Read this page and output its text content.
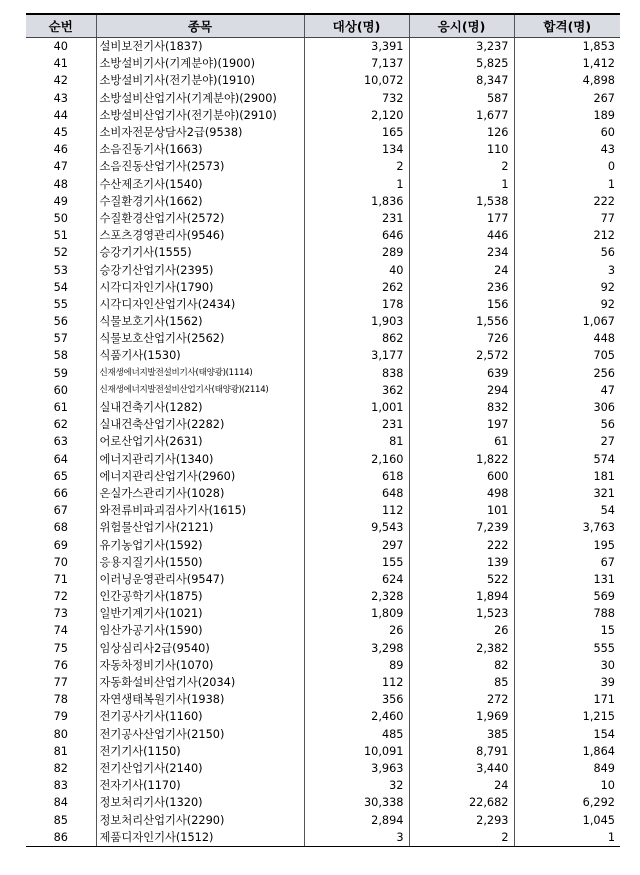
순번	종목	대상(명)	응시(명)	합격(명)
40	설비보전기사(1837)	3,391	3,237	1,853
41	소방설비기사(기계분야)(1900)	7,137	5,825	1,412
42	소방설비기사(전기분야)(1910)	10,072	8,347	4,898
43	소방설비산업기사(기계분야)(2900)	732	587	267
44	소방설비산업기사(전기분야)(2910)	2,120	1,677	189
45	소비자전문상담사2급(9538)	165	126	60
46	소음진동기사(1663)	134	110	43
47	소음진동산업기사(2573)	2	2	0
48	수산제조기사(1540)	1	1	1
49	수질환경기사(1662)	1,836	1,538	222
50	수질환경산업기사(2572)	231	177	77
51	스포츠경영관리사(9546)	646	446	212
52	승강기기사(1555)	289	234	56
53	승강기산업기사(2395)	40	24	3
54	시각디자인기사(1790)	262	236	92
55	시각디자인산업기사(2434)	178	156	92
56	식물보호기사(1562)	1,903	1,556	1,067
57	식물보호산업기사(2562)	862	726	448
58	식품기사(1530)	3,177	2,572	705
59	신재생에너지발전설비기사(태양광)(1114)	838	639	256
60	신재생에너지발전설비산업기사(태양광)(2114)	362	294	47
61	실내건축기사(1282)	1,001	832	306
62	실내건축산업기사(2282)	231	197	56
63	어로산업기사(2631)	81	61	27
64	에너지관리기사(1340)	2,160	1,822	574
65	에너지관리산업기사(2960)	618	600	181
66	온실가스관리기사(1028)	648	498	321
67	와전류비파괴검사기사(1615)	112	101	54
68	위험물산업기사(2121)	9,543	7,239	3,763
69	유기농업기사(1592)	297	222	195
70	응용지질기사(1550)	155	139	67
71	이러닝운영관리사(9547)	624	522	131
72	인간공학기사(1875)	2,328	1,894	569
73	일반기계기사(1021)	1,809	1,523	788
74	임산가공기사(1590)	26	26	15
75	임상심리사2급(9540)	3,298	2,382	555
76	자동차정비기사(1070)	89	82	30
77	자동화설비산업기사(2034)	112	85	39
78	자연생태복원기사(1938)	356	272	171
79	전기공사기사(1160)	2,460	1,969	1,215
80	전기공사산업기사(2150)	485	385	154
81	전기기사(1150)	10,091	8,791	1,864
82	전기산업기사(2140)	3,963	3,440	849
83	전자기사(1170)	32	24	10
84	정보처리기사(1320)	30,338	22,682	6,292
85	정보처리산업기사(2290)	2,894	2,293	1,045
86	제품디자인기사(1512)	3	2	1
